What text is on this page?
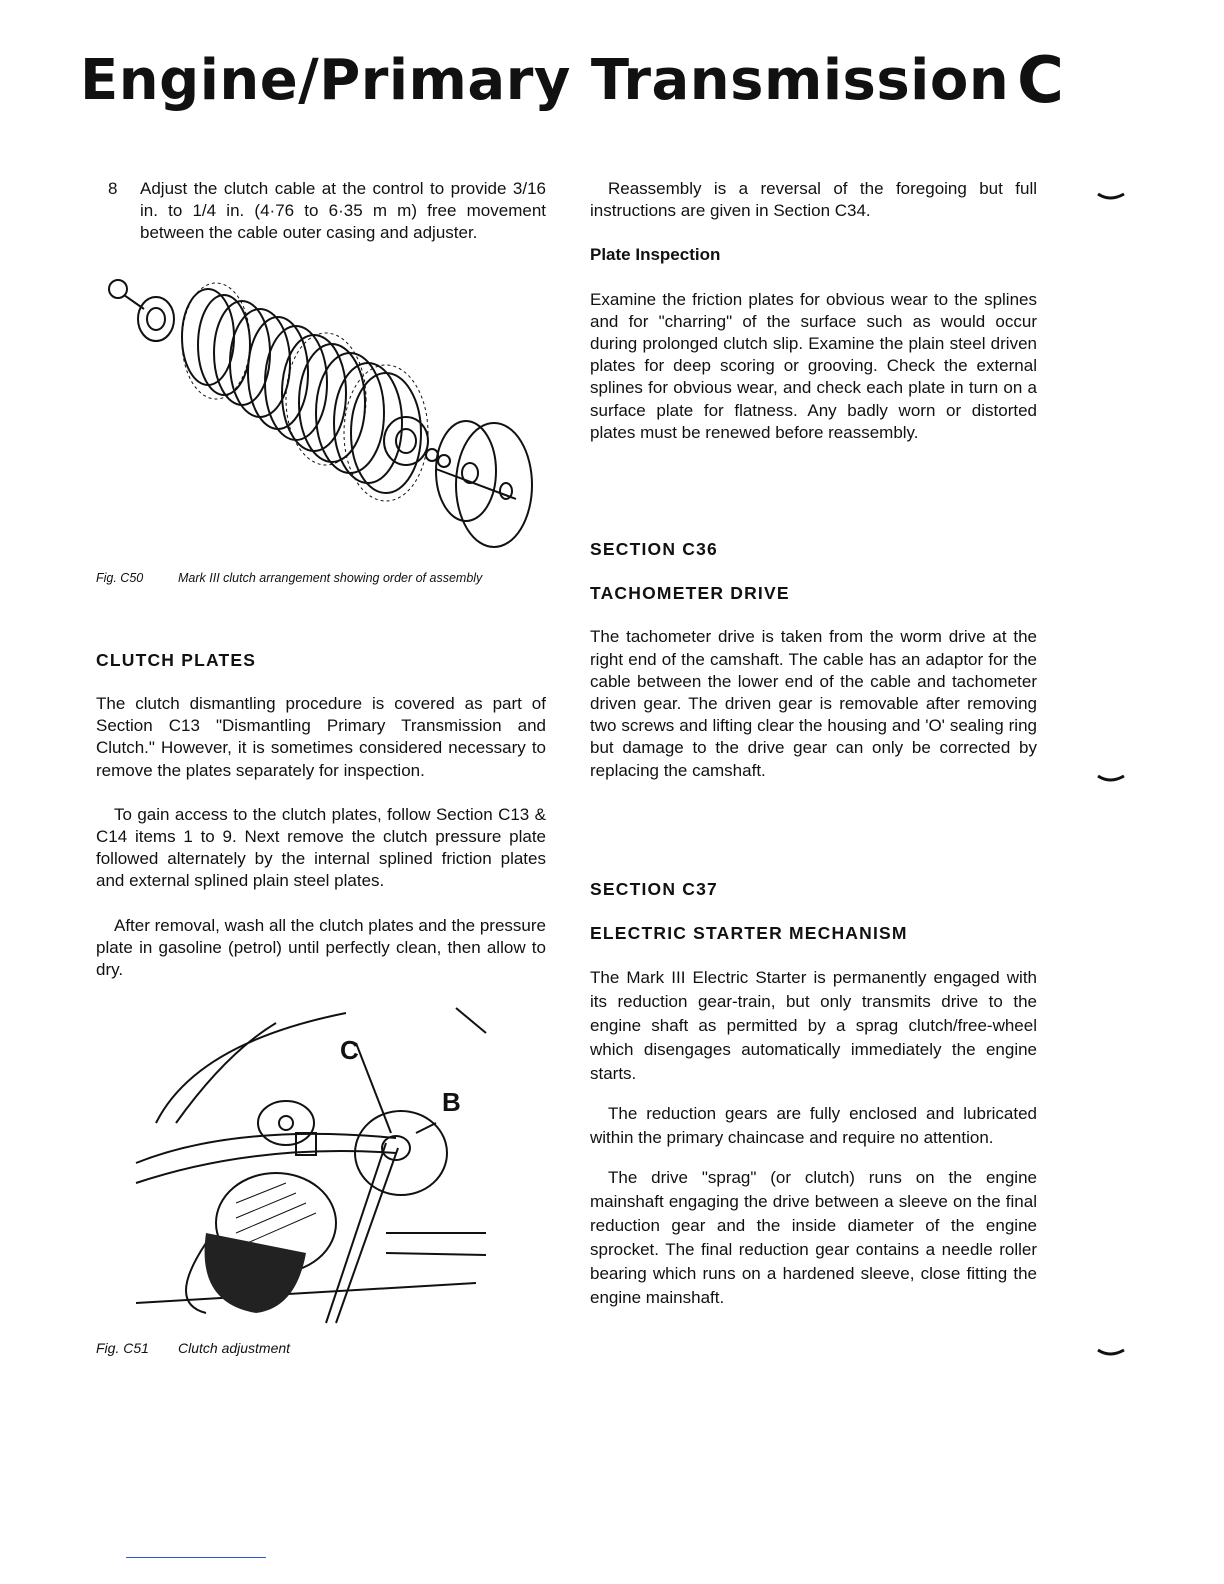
Engine/Primary Transmission C
8	Adjust the clutch cable at the control to provide 3/16 in. to 1/4 in. (4·76 to 6·35 m m) free movement between the cable outer casing and adjuster.

Fig. C50	Mark III clutch arrangement showing order of assembly
CLUTCH PLATES

The clutch dismantling procedure is covered as part of Section C13 "Dismantling Primary Transmission and Clutch." However, it is sometimes considered necessary to remove the plates separately for inspection.

To gain access to the clutch plates, follow Section C13 & C14 items 1 to 9. Next remove the clutch pressure plate followed alternately by the internal splined friction plates and external splined plain steel plates.

After removal, wash all the clutch plates and the pressure plate in gasoline (petrol) until perfectly clean, then allow to dry.

C
B
Fig. C51 Clutch adjustment

Reassembly is a reversal of the foregoing but full instructions are given in Section C34.

Plate Inspection

Examine the friction plates for obvious wear to the splines and for "charring" of the surface such as would occur during prolonged clutch slip. Examine the plain steel driven plates for deep scoring or grooving. Check the external splines for obvious wear, and check each plate in turn on a surface plate for flatness. Any badly worn or distorted plates must be renewed before reassembly.

SECTION C36
TACHOMETER DRIVE

The tachometer drive is taken from the worm drive at the right end of the camshaft. The cable has an adaptor for the cable between the lower end of the cable and tachometer driven gear. The driven gear is removable after removing two screws and lifting clear the housing and 'O' sealing ring but damage to the drive gear can only be corrected by replacing the camshaft.

SECTION C37
ELECTRIC STARTER MECHANISM

The Mark III Electric Starter is permanently engaged with its reduction gear-train, but only transmits drive to the engine shaft as permitted by a sprag clutch/free-wheel which disengages automatically immediately the engine starts.

The reduction gears are fully enclosed and lubricated within the primary chaincase and require no attention.

The drive "sprag" (or clutch) runs on the engine mainshaft engaging the drive between a sleeve on the final reduction gear and the inside diameter of the engine sprocket. The final reduction gear contains a needle roller bearing which runs on a hardened sleeve, close fitting the engine mainshaft.
